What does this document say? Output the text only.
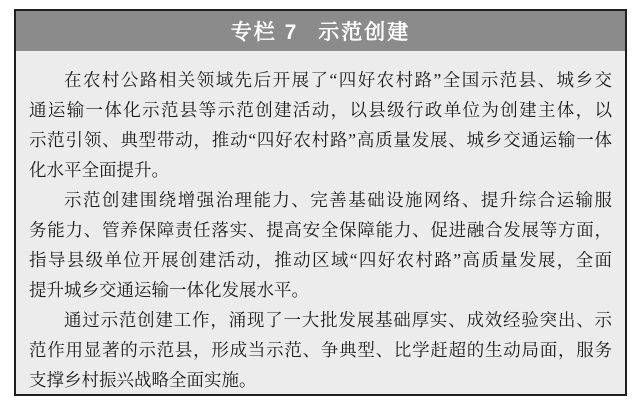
专栏 7 示范创建
在农村公路相关领域先后开展了“四好农村路”全国示范县、城乡交
通运输一体化示范县等示范创建活动，以县级行政单位为创建主体，以
示范引领、典型带动，推动“四好农村路”高质量发展、城乡交通运输一体
化水平全面提升。
示范创建围绕增强治理能力、完善基础设施网络、提升综合运输服
务能力、管养保障责任落实、提高安全保障能力、促进融合发展等方面，
指导县级单位开展创建活动，推动区域“四好农村路”高质量发展，全面
提升城乡交通运输一体化发展水平。
通过示范创建工作，涌现了一大批发展基础厚实、成效经验突出、示
范作用显著的示范县，形成当示范、争典型、比学赶超的生动局面，服务
支撑乡村振兴战略全面实施。
